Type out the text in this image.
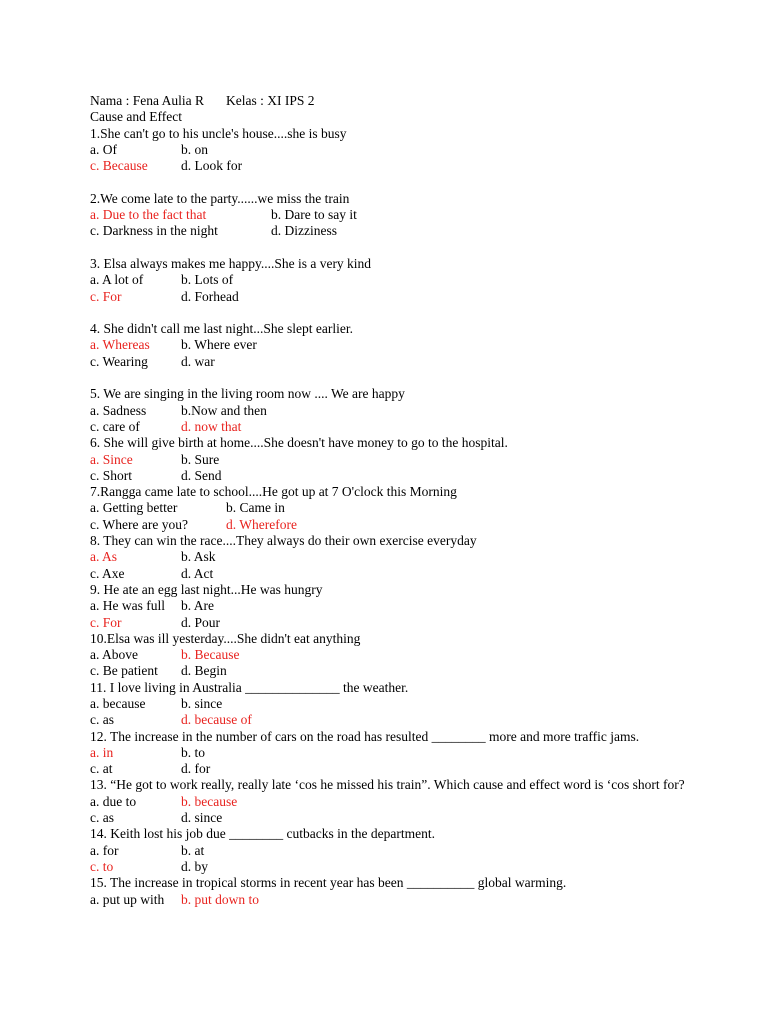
Nama : Fena Aulia R Kelas : XI IPS 2
Cause and Effect
1.She can't go to his uncle's house....she is busy
a. Of	b. on
c. Because d. Look for
2.We come late to the party......we miss the train
a. Due to the fact that	b. Dare to say it
c. Darkness in the night	d. Dizziness
3. Elsa always makes me happy....She is a very kind
a. A lot of	b. Lots of
c. For	d. Forhead
4. She didn't call me last night...She slept earlier.
a. Whereas b. Where ever
c. Wearing d. war
5. We are singing in the living room now .... We are happy
a. Sadness	b.Now and then
c. care of	d. now that
6. She will give birth at home....She doesn't have money to go to the hospital.
a. Since	b. Sure
c. Short	d. Send
7.Rangga came late to school....He got up at 7 O'clock this Morning
a. Getting better	b. Came in
c. Where are you?	d. Wherefore
8. They can win the race....They always do their own exercise everyday
a. As	b. Ask
c. Axe	d. Act
9. He ate an egg last night...He was hungry
a. He was full b. Are
c. For	d. Pour
10.Elsa was ill yesterday....She didn't eat anything
a. Above	b. Because
c. Be patient d. Begin
11. I love living in Australia ______________ the weather.
a. because	b. since
c. as	d. because of
12. The increase in the number of cars on the road has resulted ________ more and more traffic jams.
a. in	b. to
c. at	d. for
13. “He got to work really, really late ‘cos he missed his train”. Which cause and effect word is ‘cos short for?
a. due to	b. because
c. as	d. since
14. Keith lost his job due ________ cutbacks in the department.
a. for	b. at
c. to	d. by
15. The increase in tropical storms in recent year has been __________ global warming.
a. put up with b. put down to
